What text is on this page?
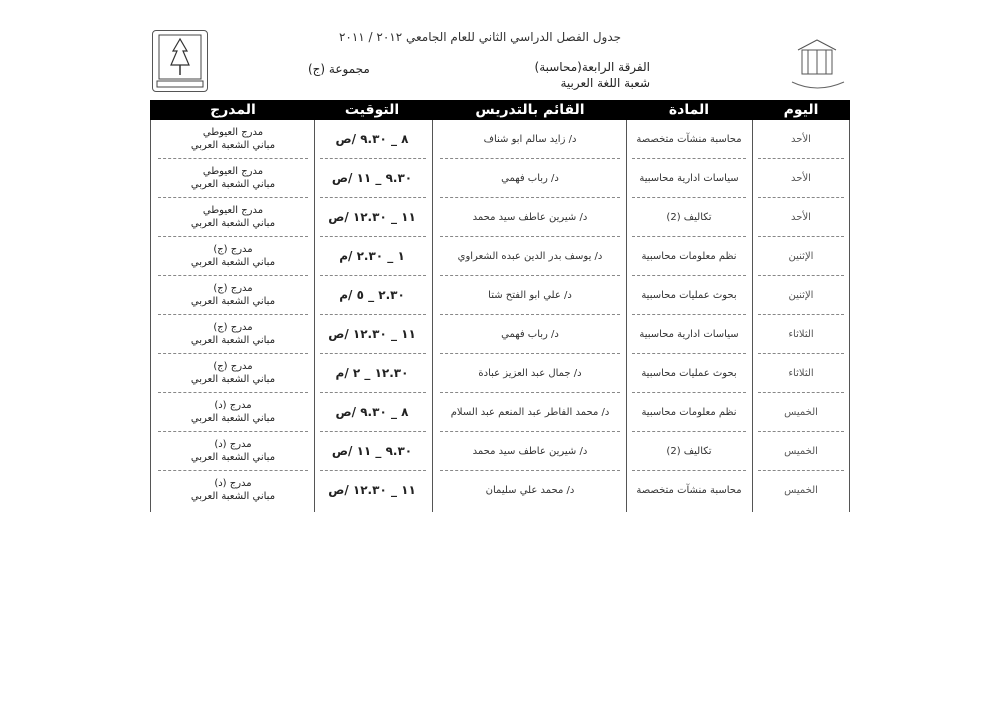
جدول الفصل الدراسي الثاني للعام الجامعي ٢٠١٢ / ٢٠١١
مجموعة (ج)	الفرقة الرابعة(محاسبة)
شعبة اللغة العربية
المدرج	التوقيت	القائم بالتدريس	المادة	اليوم
مدرج العيوطي
مباني الشعبة العربي	٨ _ ٩.٣٠ /ص	د/ زايد سالم ابو شناف	محاسبة منشآت متخصصة	الأحد
مدرج العيوطي
مباني الشعبة العربي	٩.٣٠ _ ١١ /ص	د/ رباب فهمي	سياسات ادارية محاسبية	الأحد
مدرج العيوطي
مباني الشعبة العربي	١١ _ ١٢.٣٠ /ص	د/ شيرين عاطف سيد محمد	تكاليف (2)	الأحد
مدرج (ج)
مباني الشعبة العربي	١ _ ٢.٣٠ /م	د/ يوسف بدر الدين عبده الشعراوي	نظم معلومات محاسبية	الإثنين
مدرج (ج)
مباني الشعبة العربي	٢.٣٠ _ ٥ /م	د/ علي ابو الفتح شتا	بحوث عمليات محاسبية	الإثنين
مدرج (ج)
مباني الشعبة العربي	١١ _ ١٢.٣٠ /ص	د/ رباب فهمي	سياسات ادارية محاسبية	الثلاثاء
مدرج (ج)
مباني الشعبة العربي	١٢.٣٠ _ ٢ /م	د/ جمال عبد العزيز عبادة	بحوث عمليات محاسبية	الثلاثاء
مدرج (د)
مباني الشعبة العربي	٨ _ ٩.٣٠ /ص	د/ محمد الفاطر عبد المنعم عبد السلام	نظم معلومات محاسبية	الخميس
مدرج (د)
مباني الشعبة العربي	٩.٣٠ _ ١١ /ص	د/ شيرين عاطف سيد محمد	تكاليف (2)	الخميس
مدرج (د)
مباني الشعبة العربي	١١ _ ١٢.٣٠ /ص	د/ محمد علي سليمان	محاسبة منشآت متخصصة	الخميس
